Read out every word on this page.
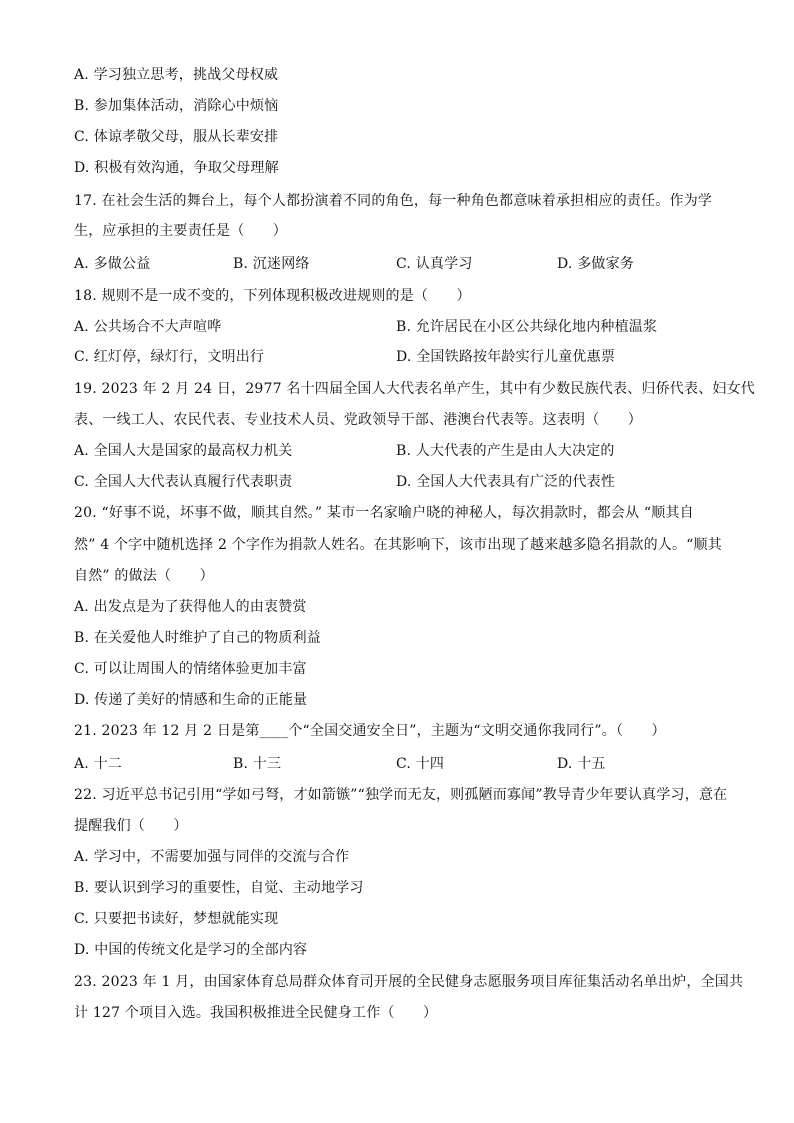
A. 学习独立思考，挑战父母权威
B. 参加集体活动，消除心中烦恼
C. 体谅孝敬父母，服从长辈安排
D. 积极有效沟通，争取父母理解
17. 在社会生活的舞台上，每个人都扮演着不同的角色，每一种角色都意味着承担相应的责任。作为学
生，应承担的主要责任是（　　）
A. 多做公益	B. 沉迷网络	C. 认真学习	D. 多做家务
18. 规则不是一成不变的，下列体现积极改进规则的是（　　）
A. 公共场合不大声喧哗	B. 允许居民在小区公共绿化地内种植温浆
C. 红灯停，绿灯行，文明出行	D. 全国铁路按年龄实行儿童优惠票
19. 2023 年 2 月 24 日，2977 名十四届全国人大代表名单产生，其中有少数民族代表、归侨代表、妇女代
表、一线工人、农民代表、专业技术人员、党政领导干部、港澳台代表等。这表明（　　）
A. 全国人大是国家的最高权力机关	B. 人大代表的产生是由人大决定的
C. 全国人大代表认真履行代表职责	D. 全国人大代表具有广泛的代表性
20. “好事不说，坏事不做，顺其自然。” 某市一名家喻户晓的神秘人，每次捐款时，都会从 “顺其自
然” 4 个字中随机选择 2 个字作为捐款人姓名。在其影响下，该市出现了越来越多隐名捐款的人。“顺其
自然” 的做法（　　）
A. 出发点是为了获得他人的由衷赞赏
B. 在关爱他人时维护了自己的物质利益
C. 可以让周围人的情绪体验更加丰富
D. 传递了美好的情感和生命的正能量
21. 2023 年 12 月 2 日是第____个“全国交通安全日”，主题为“文明交通你我同行”。（　　）
A. 十二	B. 十三	C. 十四	D. 十五
22. 习近平总书记引用“学如弓弩，才如箭镞”“独学而无友，则孤陋而寡闻”教导青少年要认真学习，意在
提醒我们（　　）
A. 学习中，不需要加强与同伴的交流与合作
B. 要认识到学习的重要性，自觉、主动地学习
C. 只要把书读好，梦想就能实现
D. 中国的传统文化是学习的全部内容
23. 2023 年 1 月，由国家体育总局群众体育司开展的全民健身志愿服务项目库征集活动名单出炉，全国共
计 127 个项目入选。我国积极推进全民健身工作（　　）
